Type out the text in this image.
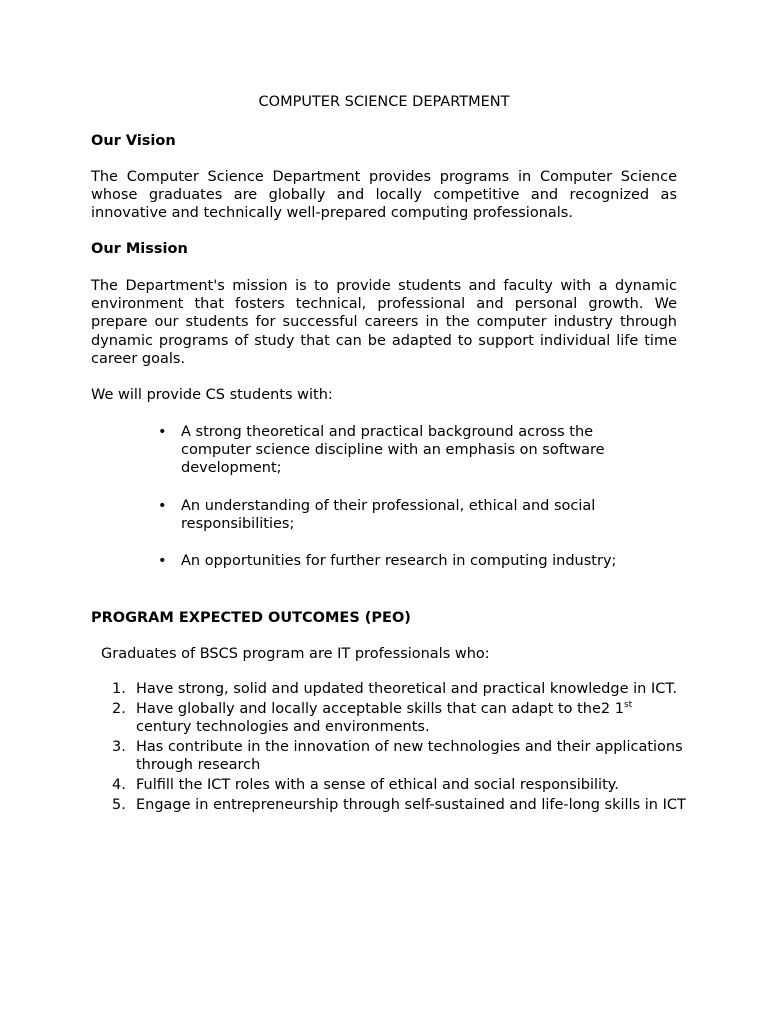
COMPUTER SCIENCE DEPARTMENT
Our Vision
The Computer Science Department provides programs in Computer Science whose graduates are globally and locally competitive and recognized as innovative and technically well-prepared computing professionals.
Our Mission
The Department's mission is to provide students and faculty with a dynamic environment that fosters technical, professional and personal growth. We prepare our students for successful careers in the computer industry through dynamic programs of study that can be adapted to support individual life time career goals.
We will provide CS students with:
• A strong theoretical and practical background across the computer science discipline with an emphasis on software development;
• An understanding of their professional, ethical and social responsibilities;
• An opportunities for further research in computing industry;
PROGRAM EXPECTED OUTCOMES (PEO)
Graduates of BSCS program are IT professionals who:
1. Have strong, solid and updated theoretical and practical knowledge in ICT.
2. Have globally and locally acceptable skills that can adapt to the2 1st century technologies and environments.
3. Has contribute in the innovation of new technologies and their applications through research
4. Fulfill the ICT roles with a sense of ethical and social responsibility.
5. Engage in entrepreneurship through self-sustained and life-long skills in ICT
